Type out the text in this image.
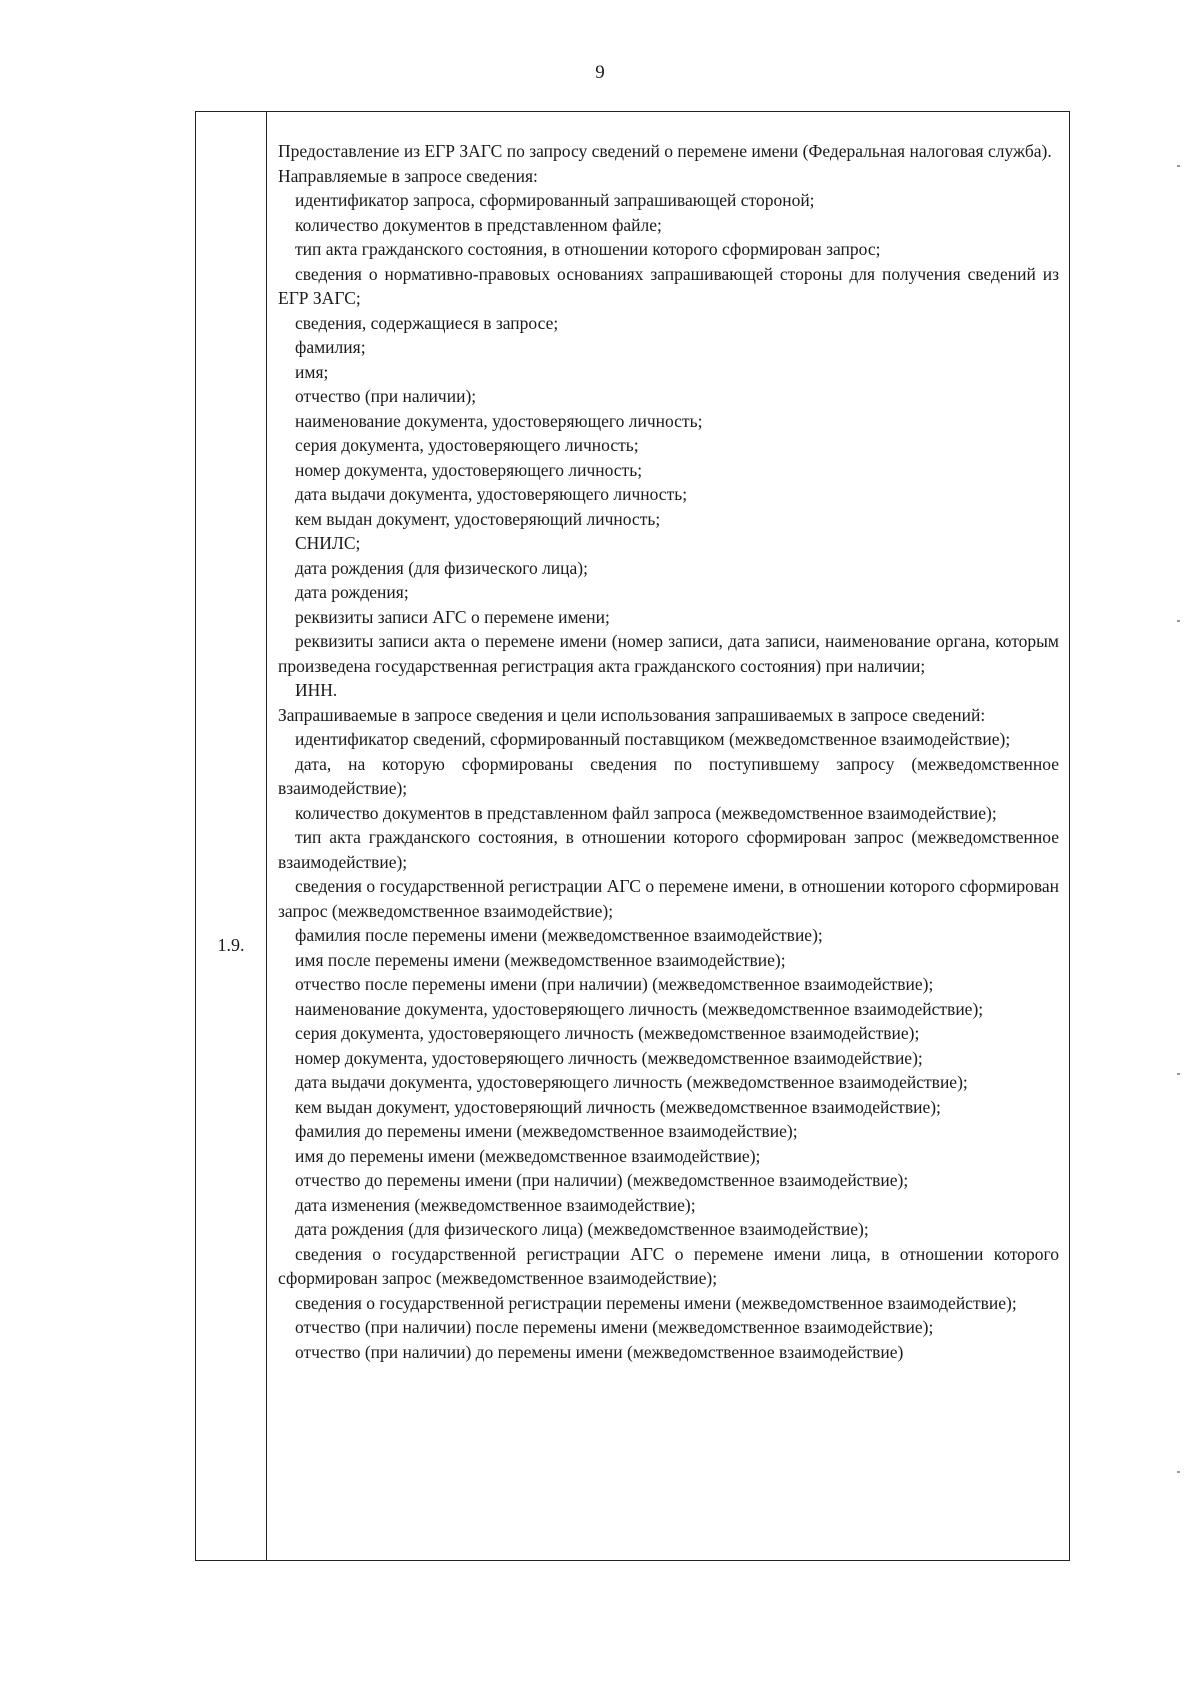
9
1.9.

Предоставление из ЕГР ЗАГС по запросу сведений о перемене имени (Федеральная налоговая служба).

Направляемые в запросе сведения:

идентификатор запроса, сформированный запрашивающей стороной;

количество документов в представленном файле;

тип акта гражданского состояния, в отношении которого сформирован запрос;

сведения о нормативно-правовых основаниях запрашивающей стороны для получения сведений из ЕГР ЗАГС;

сведения, содержащиеся в запросе;

фамилия;

имя;

отчество (при наличии);

наименование документа, удостоверяющего личность;

серия документа, удостоверяющего личность;

номер документа, удостоверяющего личность;

дата выдачи документа, удостоверяющего личность;

кем выдан документ, удостоверяющий личность;

СНИЛС;

дата рождения (для физического лица);

дата рождения;

реквизиты записи АГС о перемене имени;

реквизиты записи акта о перемене имени (номер записи, дата записи, наименование органа, которым произведена государственная регистрация акта гражданского состояния) при наличии;

ИНН.

Запрашиваемые в запросе сведения и цели использования запрашиваемых в запросе сведений:

идентификатор сведений, сформированный поставщиком (межведомственное взаимодействие);

дата, на которую сформированы сведения по поступившему запросу (межведомственное взаимодействие);

количество документов в представленном файл запроса (межведомственное взаимодействие);

тип акта гражданского состояния, в отношении которого сформирован запрос (межведомственное взаимодействие);

сведения о государственной регистрации АГС о перемене имени, в отношении которого сформирован запрос (межведомственное взаимодействие);

фамилия после перемены имени (межведомственное взаимодействие);

имя после перемены имени (межведомственное взаимодействие);

отчество после перемены имени (при наличии) (межведомственное взаимодействие);

наименование документа, удостоверяющего личность (межведомственное взаимодействие);

серия документа, удостоверяющего личность (межведомственное взаимодействие);

номер документа, удостоверяющего личность (межведомственное взаимодействие);

дата выдачи документа, удостоверяющего личность (межведомственное взаимодействие);

кем выдан документ, удостоверяющий личность (межведомственное взаимодействие);

фамилия до перемены имени (межведомственное взаимодействие);

имя до перемены имени (межведомственное взаимодействие);

отчество до перемены имени (при наличии) (межведомственное взаимодействие);

дата изменения (межведомственное взаимодействие);

дата рождения (для физического лица) (межведомственное взаимодействие);

сведения о государственной регистрации АГС о перемене имени лица, в отношении которого сформирован запрос (межведомственное взаимодействие);

сведения о государственной регистрации перемены имени (межведомственное взаимодействие);

отчество (при наличии) после перемены имени (межведомственное взаимодействие);

отчество (при наличии) до перемены имени (межведомственное взаимодействие)
